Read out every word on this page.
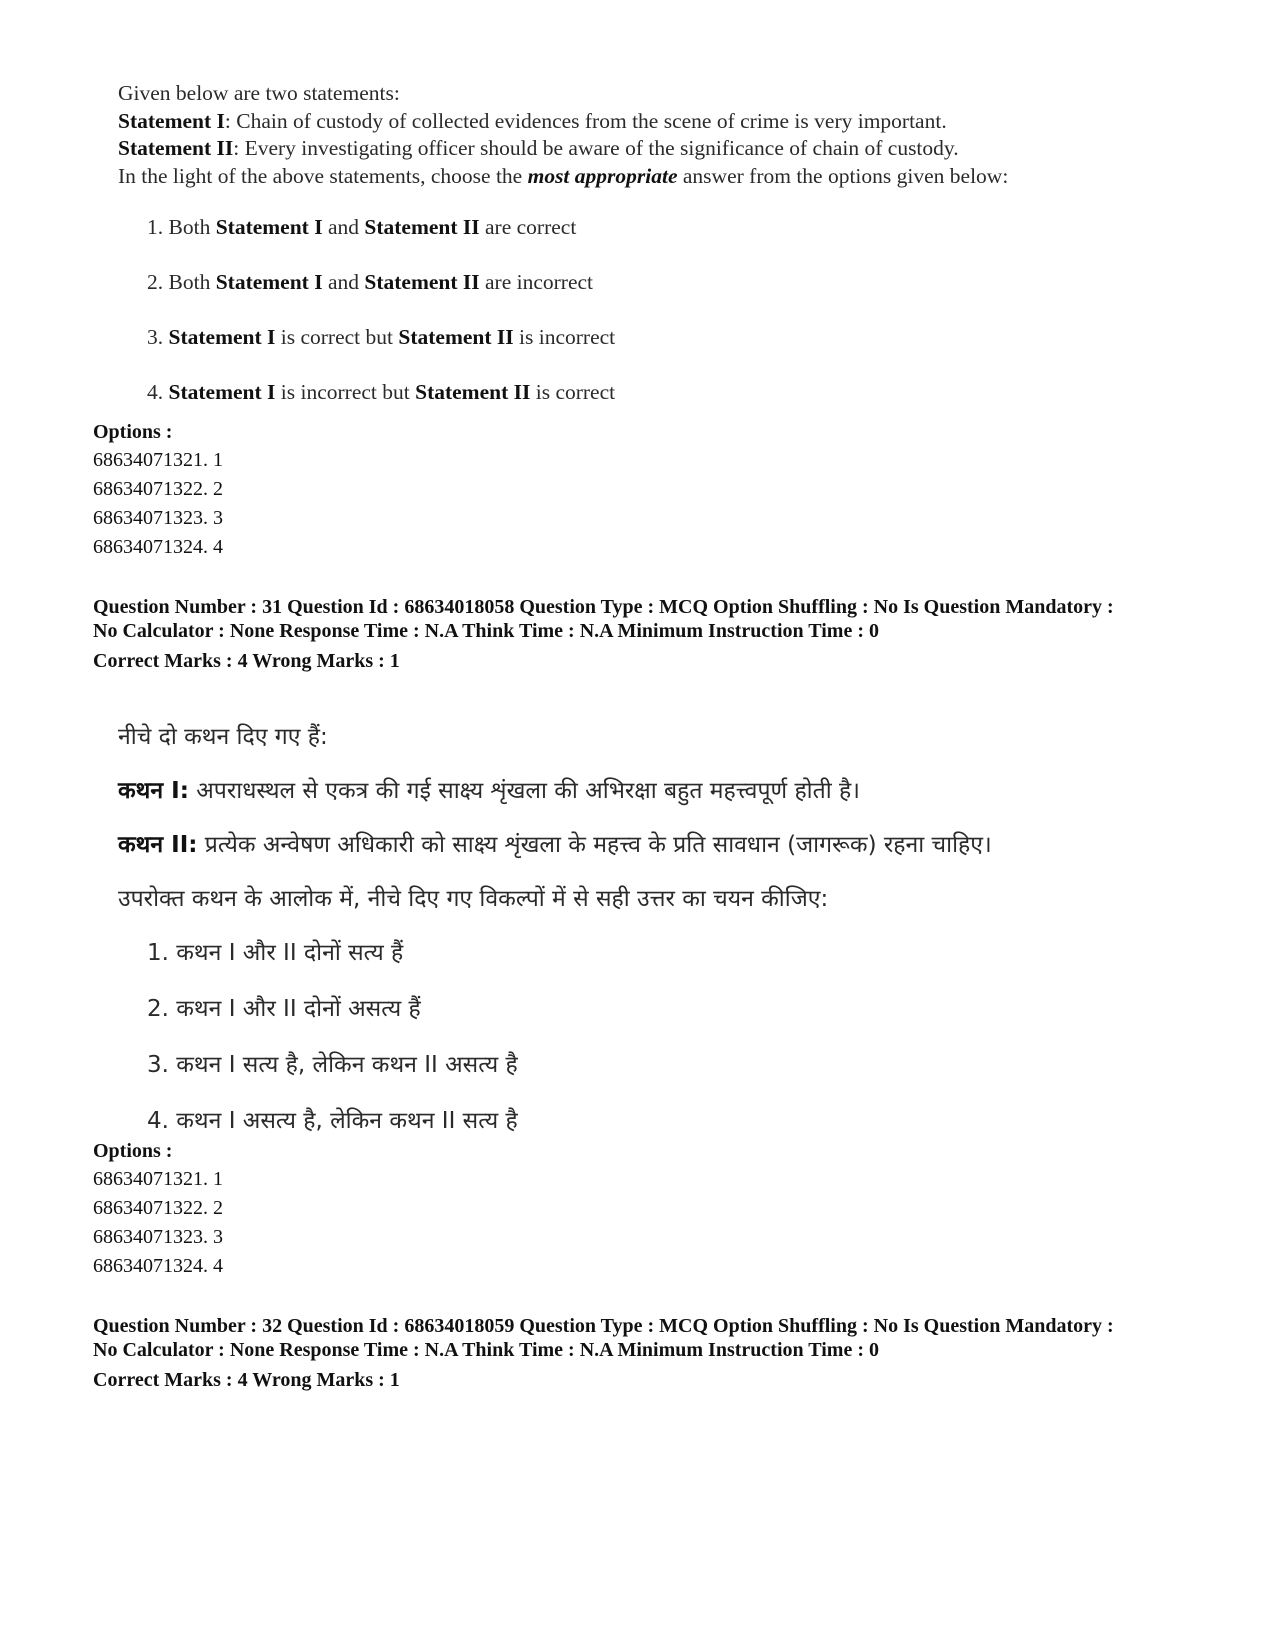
Given below are two statements:
Statement I: Chain of custody of collected evidences from the scene of crime is very important.
Statement II: Every investigating officer should be aware of the significance of chain of custody.
In the light of the above statements, choose the most appropriate answer from the options given below:
1. Both Statement I and Statement II are correct
2. Both Statement I and Statement II are incorrect
3. Statement I is correct but Statement II is incorrect
4. Statement I is incorrect but Statement II is correct
Options :
68634071321. 1
68634071322. 2
68634071323. 3
68634071324. 4
Question Number : 31 Question Id : 68634018058 Question Type : MCQ Option Shuffling : No Is Question Mandatory :
No Calculator : None Response Time : N.A Think Time : N.A Minimum Instruction Time : 0
Correct Marks : 4 Wrong Marks : 1
नीचे दो कथन दिए गए हैं:
कथन I: अपराधस्थल से एकत्र की गई साक्ष्य शृंखला की अभिरक्षा बहुत महत्त्वपूर्ण होती है।
कथन II: प्रत्येक अन्वेषण अधिकारी को साक्ष्य शृंखला के महत्त्व के प्रति सावधान (जागरूक) रहना चाहिए।
उपरोक्त कथन के आलोक में, नीचे दिए गए विकल्पों में से सही उत्तर का चयन कीजिए:
1. कथन I और II दोनों सत्य हैं
2. कथन I और II दोनों असत्य हैं
3. कथन I सत्य है, लेकिन कथन II असत्य है
4. कथन I असत्य है, लेकिन कथन II सत्य है
Options :
68634071321. 1
68634071322. 2
68634071323. 3
68634071324. 4
Question Number : 32 Question Id : 68634018059 Question Type : MCQ Option Shuffling : No Is Question Mandatory :
No Calculator : None Response Time : N.A Think Time : N.A Minimum Instruction Time : 0
Correct Marks : 4 Wrong Marks : 1
